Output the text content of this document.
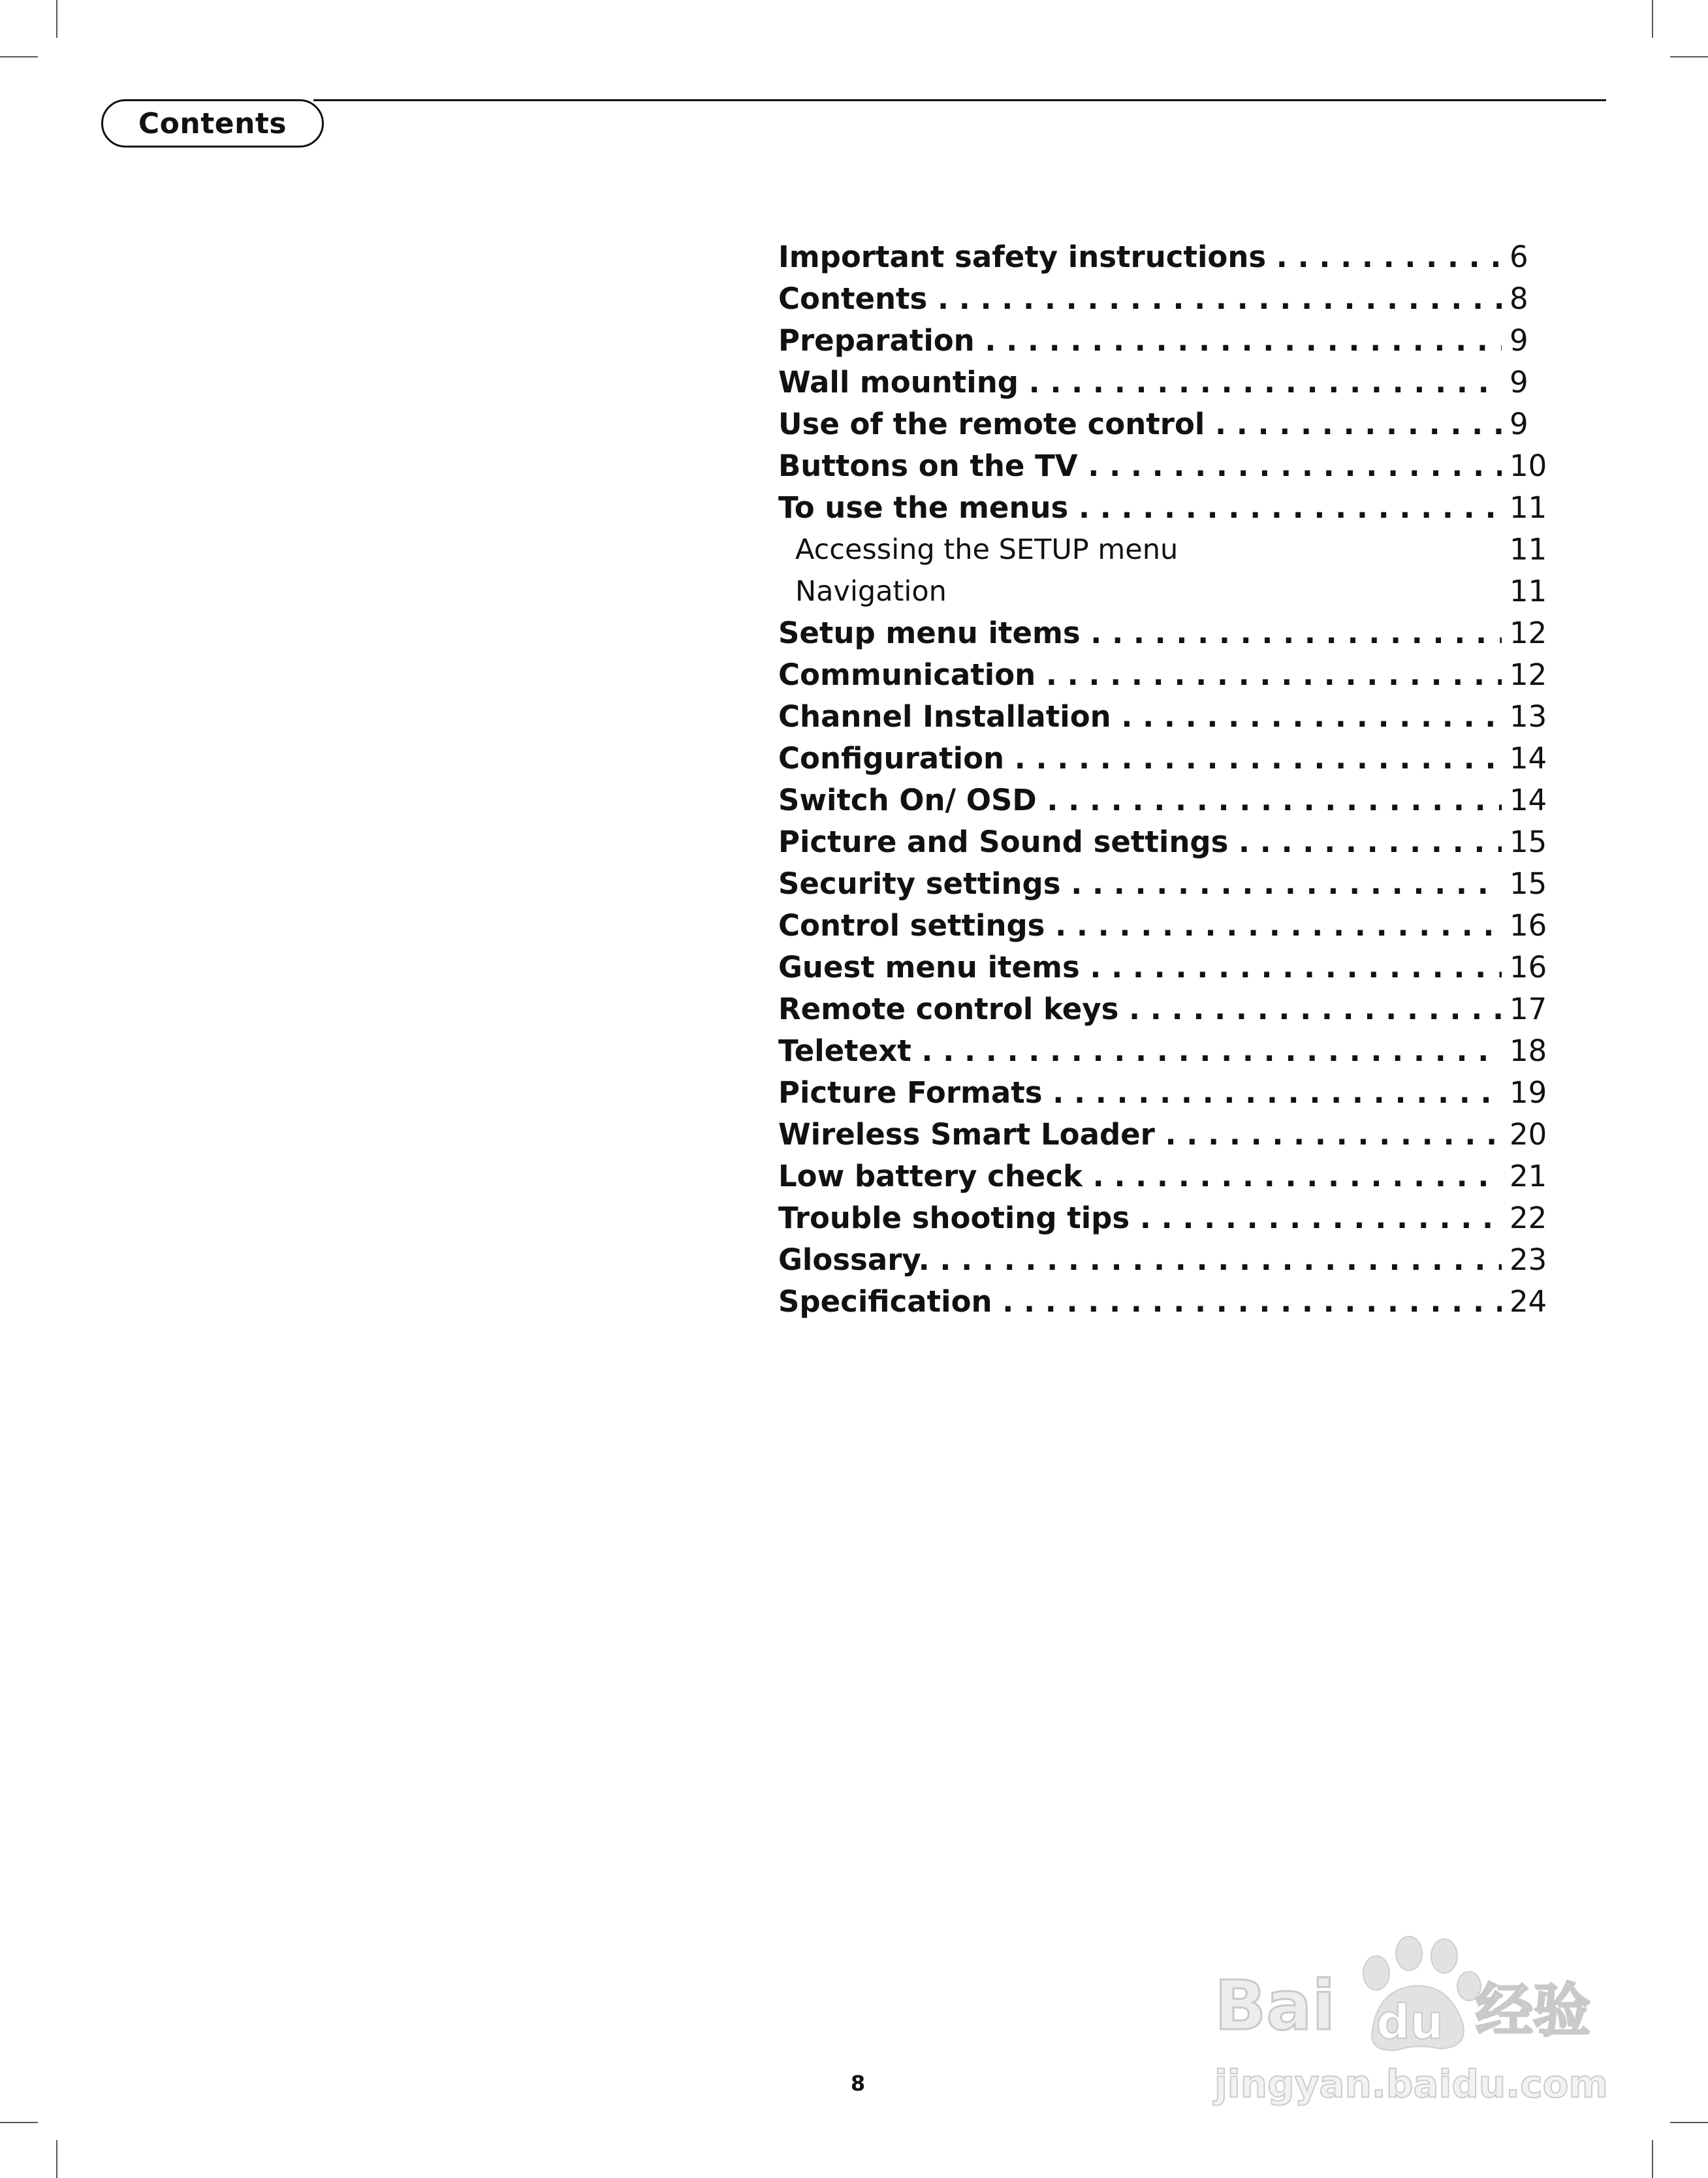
Contents
Important safety instructions . . .	6
Contents . . .	8
Preparation . . .	9
Wall mounting . . .	9
Use of the remote control . . .	9
Buttons on the TV . . .	10
To use the menus . . .	11
Accessing the SETUP menu	11
Navigation	11
Setup menu items . . .	12
Communication . . .	12
Channel Installation . . .	13
Configuration . . .	14
Switch On/ OSD . . .	14
Picture and Sound settings . . .	15
Security settings . . .	15
Control settings . . .	16
Guest menu items . . .	16
Remote control keys . . .	17
Teletext . . .	18
Picture Formats . . .	19
Wireless Smart Loader . . .	20
Low battery check . . .	21
Trouble shooting tips . . .	22
Glossary. . . .	23
Specification . . .	24
8
Bai du 经验
jingyan.baidu.com
